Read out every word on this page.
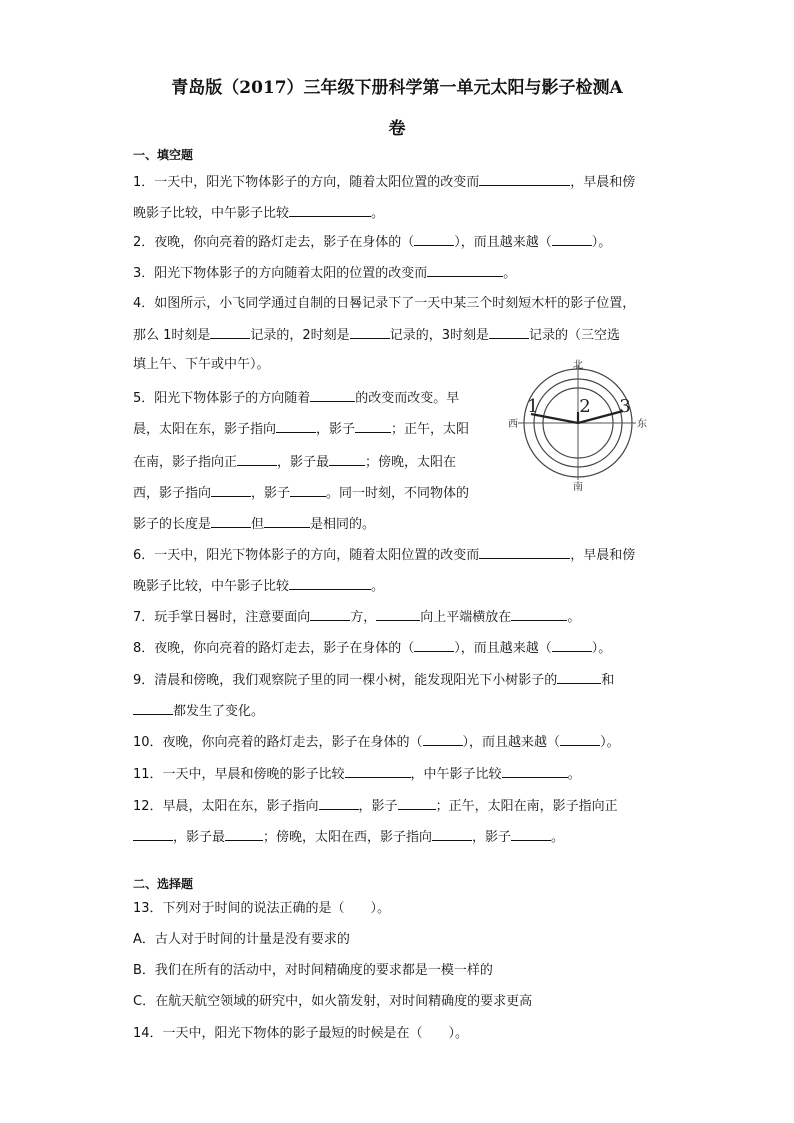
青岛版（2017）三年级下册科学第一单元太阳与影子检测A
卷
一、填空题
1．一天中，阳光下物体影子的方向，随着太阳位置的改变而	，早晨和傍
晚影子比较，中午影子比较	。
2．夜晚，你向亮着的路灯走去，影子在身体的（	），而且越来越（	）。
3．阳光下物体影子的方向随着太阳的位置的改变而	。
4．如图所示，小飞同学通过自制的日晷记录下了一天中某三个时刻短木杆的影子位置，
那么 1时刻是	记录的，2时刻是	记录的，3时刻是	记录的（三空选
填上午、下午或中午）。
5．阳光下物体影子的方向随着	的改变而改变。早
晨，太阳在东，影子指向	，影子	；正午，太阳
在南，影子指向正	，影子最	；傍晚，太阳在
西，影子指向	，影子	。同一时刻，不同物体的
影子的长度是	但	是相同的。
北
南
西	东
1 2 3
6．一天中，阳光下物体影子的方向，随着太阳位置的改变而	，早晨和傍
晚影子比较，中午影子比较	。
7．玩手掌日晷时，注意要面向	方，	向上平端横放在	。
8．夜晚，你向亮着的路灯走去，影子在身体的（	），而且越来越（	）。
9．清晨和傍晚，我们观察院子里的同一棵小树，能发现阳光下小树影子的	和
都发生了变化。
10．夜晚，你向亮着的路灯走去，影子在身体的（	），而且越来越（	）。
11．一天中，早晨和傍晚的影子比较	，中午影子比较	。
12．早晨，太阳在东，影子指向	，影子	；正午，太阳在南，影子指向正
，影子最	；傍晚，太阳在西，影子指向	，影子	。
二、选择题
13．下列对于时间的说法正确的是（　　）。
A．古人对于时间的计量是没有要求的
B．我们在所有的活动中，对时间精确度的要求都是一模一样的
C．在航天航空领域的研究中，如火箭发射，对时间精确度的要求更高
14．一天中，阳光下物体的影子最短的时候是在（　　）。
